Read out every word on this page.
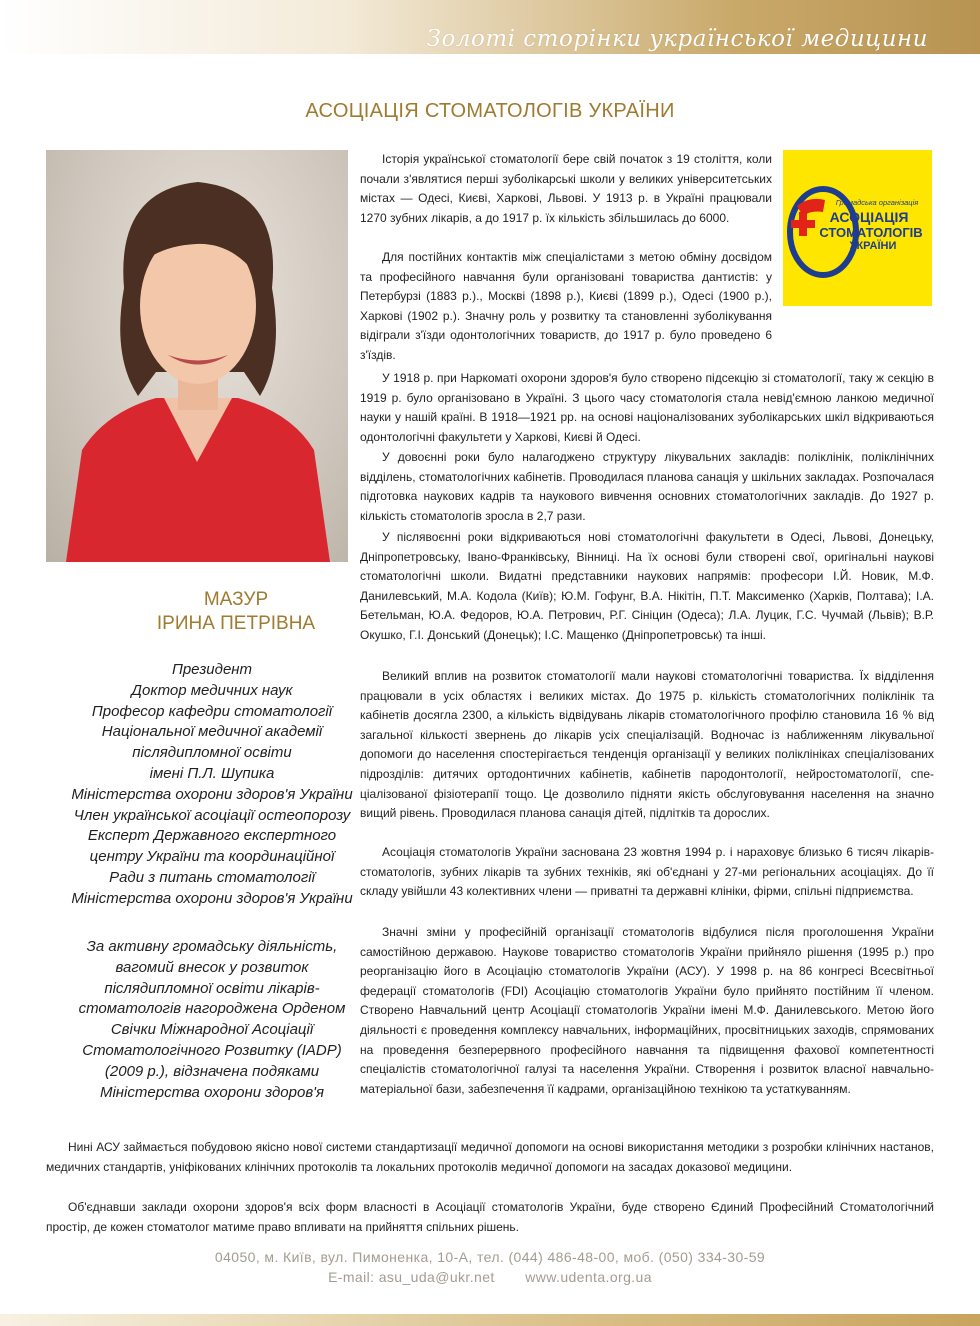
Золоті сторінки української медицини
АСОЦІАЦІЯ СТОМАТОЛОГІВ УКРАЇНИ
Громадська організація
АСОЦІАЦІЯ
СТОМАТОЛОГІВ
УКРАЇНИ
МАЗУР
ІРИНА ПЕТРІВНА
Президент
Доктор медичних наук
Професор кафедри стоматології
Національної медичної академії
післядипломної освіти
імені П.Л. Шупика
Міністерства охорони здоров'я України
Член української асоціації остеопорозу
Експерт Державного експертного
центру України та координаційної
Ради з питань стоматології
Міністерства охорони здоров'я України
За активну громадську діяльність,
вагомий внесок у розвиток
післядипломної освіти лікарів-
стоматологів нагороджена Орденом
Свічки Міжнародної Асоціації
Стоматологічного Розвитку (IADP)
(2009 р.), відзначена подяками
Міністерства охорони здоров'я

Історія української стоматології бере свій початок з 19 століття, коли почали з'являтися перші зуболікарські школи у великих університетських містах — Одесі, Києві, Харкові, Львові. У 1913 р. в Україні працювали 1270 зубних лікарів, а до 1917 р. їх кількість збільшилась до 6000.

Для постійних контактів між спеціалістами з метою обміну досвідом та професійного навчання були організовані товариства дантистів: у Петербурзі (1883 р.)., Москві (1898 р.), Києві (1899 р.), Одесі (1900 р.), Харкові (1902 р.). Значну роль у розвитку та становленні зуболікування відіграли з'їзди одонтологічних товариств, до 1917 р. було проведено 6 з'їздів.

У 1918 р. при Наркоматі охорони здоров'я було створено підсекцію зі стоматології, таку ж секцію в 1919 р. було організовано в Україні. З цього часу стоматологія стала невід'ємною ланкою медичної науки у нашій країні. В 1918—1921 рр. на основі націоналізованих зуболікарських шкіл відкриваються одонтологічні факультети у Харкові, Києві й Одесі.

У довоєнні роки було налагоджено структуру лікувальних закладів: поліклінік, поліклінічних відділень, стоматологічних кабінетів. Проводилася планова санація у шкільних закладах. Розпочалася підготовка наукових кадрів та наукового вивчення основних стоматологічних закладів. До 1927 р. кількість стоматологів зросла в 2,7 рази.

У післявоєнні роки відкриваються нові стоматологічні факультети в Одесі, Львові, Донецьку, Дніпропетровську, Івано-Франківську, Вінниці. На їх основі були створені свої, оригінальні наукові стоматологічні школи. Видатні представники наукових напрямів: професори І.Й. Новик, М.Ф. Данилевський, М.А. Кодола (Київ); Ю.М. Гофунг, В.А. Нікітін, П.Т. Максименко (Харків, Полтава); І.А. Бетельман, Ю.А. Федоров, Ю.А. Петрович, Р.Г. Сініцин (Одеса); Л.А. Луцик, Г.С. Чучмай (Львів); В.Р. Окушко, Г.І. Донський (Донецьк); І.С. Мащенко (Дніпропетровськ) та інші.

Великий вплив на розвиток стоматології мали наукові стоматологічні товариства. Їх відділення працювали в усіх областях і великих містах. До 1975 р. кількість стоматологічних поліклінік та кабінетів досягла 2300, а кількість відвідувань лікарів стоматологічного профілю становила 16 % від загальної кількості звернень до лікарів усіх спеціалізацій. Водночас із наближенням лікувальної допомоги до населення спостерігається тенденція організації у великих поліклініках спеціалізованих підрозділів: дитячих ортодонтичних кабінетів, кабінетів пародонтології, нейростоматології, спеціалізованої фізіотерапії тощо. Це дозволило підняти якість обслуговування населення на значно вищий рівень. Проводилася планова санація дітей, підлітків та дорослих.

Асоціація стоматологів України заснована 23 жовтня 1994 р. і нараховує близько 6 тисяч лікарів-стоматологів, зубних лікарів та зубних техніків, які об'єднані у 27-ми регіональних асоціаціях. До її складу увійшли 43 колективних члени — приватні та державні клініки, фірми, спільні підприємства.

Значні зміни у професійній організації стоматологів відбулися після проголошення України самостійною державою. Наукове товариство стоматологів України прийняло рішення (1995 р.) про реорганізацію його в Асоціацію стоматологів України (АСУ). У 1998 р. на 86 конгресі Всесвітньої федерації стоматологів (FDI) Асоціацію стоматологів України було прийнято постійним її членом. Створено Навчальний центр Асоціації стоматологів України імені М.Ф. Данилевського. Метою його діяльності є проведення комплексу навчальних, інформаційних, просвітницьких заходів, спрямованих на проведення безперервного професійного навчання та підвищення фахової компетентності спеціалістів стоматологічної галузі та населення України. Створення і розвиток власної навчально-матеріальної бази, забезпечення її кадрами, організаційною технікою та устаткуванням.

Нині АСУ займається побудовою якісно нової системи стандартизації медичної допомоги на основі використання методики з розробки клінічних настанов, медичних стандартів, уніфікованих клінічних протоколів та локальних протоколів медичної допомоги на засадах доказової медицини.

Об'єднавши заклади охорони здоров'я всіх форм власності в Асоціації стоматологів України, буде створено Єдиний Професійний Стоматологічний простір, де кожен стоматолог матиме право впливати на прийняття спільних рішень.

04050, м. Київ, вул. Пимоненка, 10-А, тел. (044) 486-48-00, моб. (050) 334-30-59
E-mail: asu_uda@ukr.net www.udenta.org.ua
